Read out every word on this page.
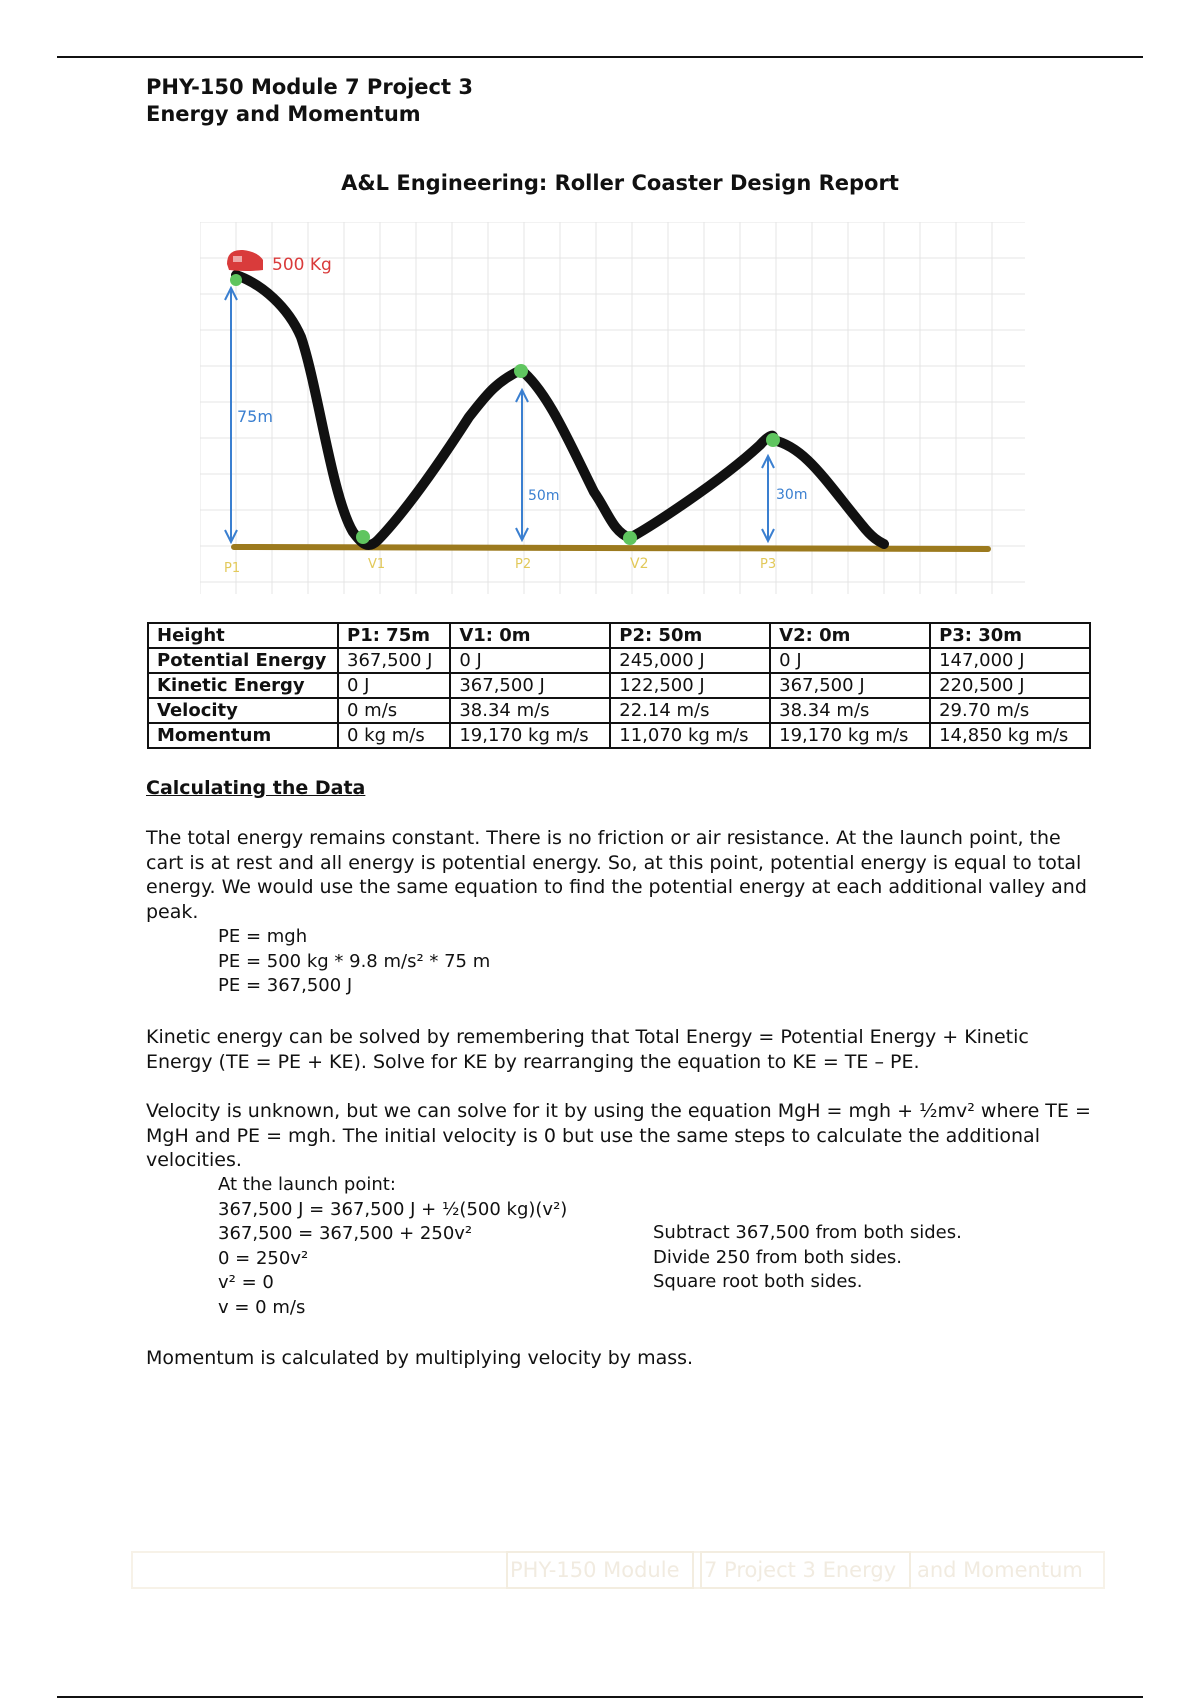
PHY-150 Module 7 Project 3
Energy and Momentum
A&L Engineering: Roller Coaster Design Report
500 Kg
75m
50m	30m
P1	V1	P2	V2	P3
Height	P1: 75m	V1: 0m	P2: 50m	V2: 0m	P3: 30m
Potential Energy	367,500 J	0 J	245,000 J	0 J	147,000 J
Kinetic Energy	0 J	367,500 J	122,500 J	367,500 J	220,500 J
Velocity	0 m/s	38.34 m/s	22.14 m/s	38.34 m/s	29.70 m/s
Momentum	0 kg m/s	19,170 kg m/s	11,070 kg m/s	19,170 kg m/s	14,850 kg m/s
Calculating the Data
The total energy remains constant. There is no friction or air resistance. At the launch point, the cart is at rest and all energy is potential energy. So, at this point, potential energy is equal to total energy. We would use the same equation to find the potential energy at each additional valley and peak.
PE = mgh
PE = 500 kg * 9.8 m/s² * 75 m
PE = 367,500 J
Kinetic energy can be solved by remembering that Total Energy = Potential Energy + Kinetic Energy (TE = PE + KE). Solve for KE by rearranging the equation to KE = TE – PE.
Velocity is unknown, but we can solve for it by using the equation MgH = mgh + ½mv² where TE = MgH and PE = mgh. The initial velocity is 0 but use the same steps to calculate the additional velocities.
At the launch point:
367,500 J = 367,500 J + ½(500 kg)(v²)
367,500 = 367,500 + 250v²
0 = 250v²
v² = 0
v = 0 m/s
Subtract 367,500 from both sides.
Divide 250 from both sides.
Square root both sides.
Momentum is calculated by multiplying velocity by mass.
PHY-150 Module	7 Project 3 Energy and Momentum
